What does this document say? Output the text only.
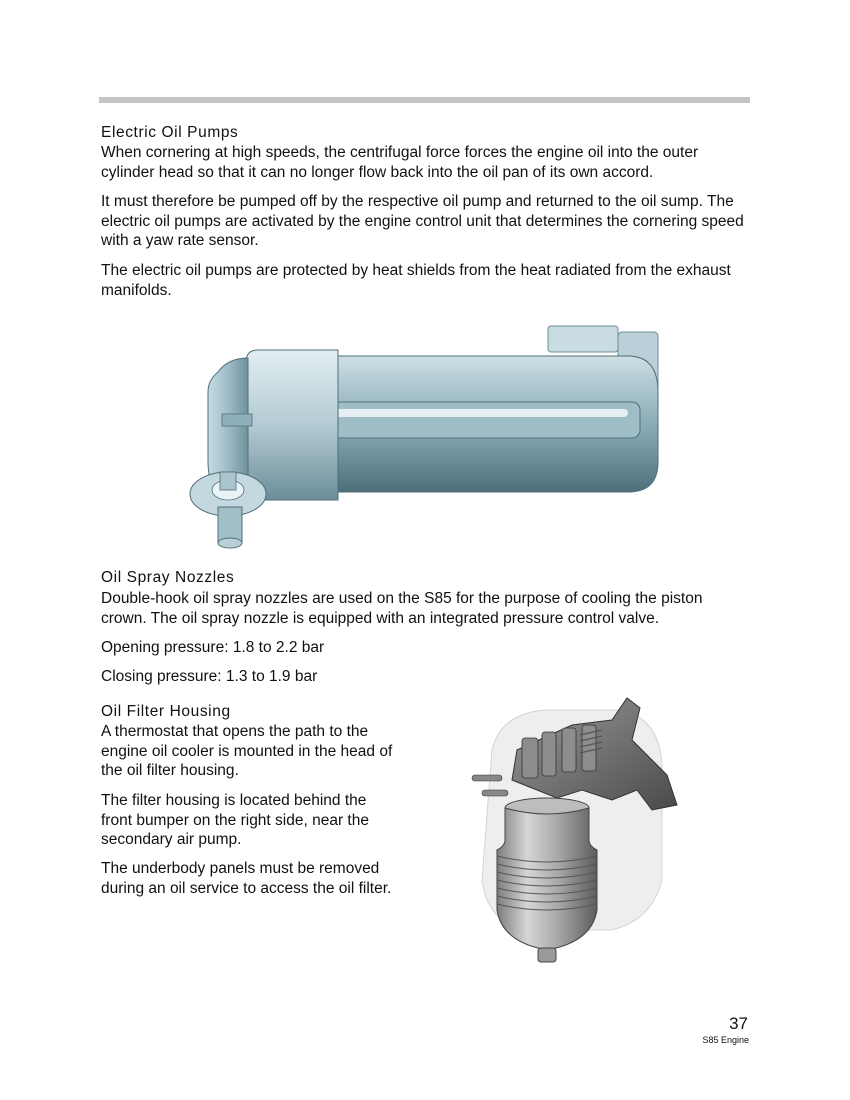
Electric Oil Pumps

When cornering at high speeds, the centrifugal force forces the engine oil into the outer cylinder head so that it can no longer flow back into the oil pan of its own accord.

It must therefore be pumped off by the respective oil pump and returned to the oil sump. The electric oil pumps are activated by the engine control unit that determines the cornering speed with a yaw rate sensor.

The electric oil pumps are protected by heat shields from the heat radiated from the exhaust manifolds.

Oil Spray Nozzles

Double-hook oil spray nozzles are used on the S85 for the purpose of cooling the piston crown. The oil spray nozzle is equipped with an integrated pressure control valve.

Opening pressure: 1.8 to 2.2 bar

Closing pressure: 1.3 to 1.9 bar

Oil Filter Housing

A thermostat that opens the path to the engine oil cooler is mounted in the head of the oil filter housing.

The filter housing is located behind the front bumper on the right side, near the secondary air pump.

The underbody panels must be removed during an oil service to access the oil filter.

37
S85 Engine
